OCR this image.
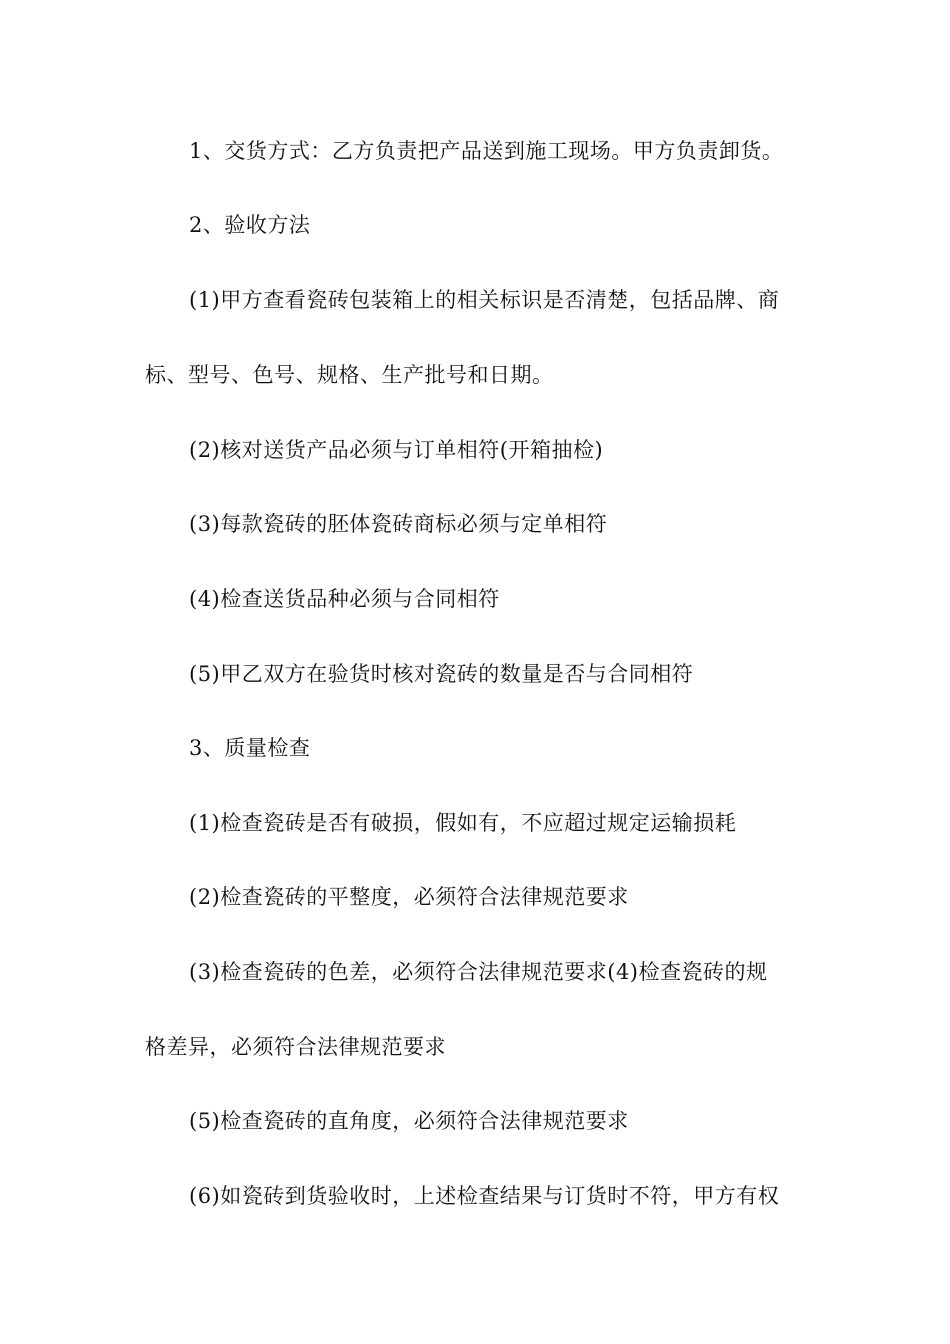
1、交货方式：乙方负责把产品送到施工现场。甲方负责卸货。
2、验收方法
(1)甲方查看瓷砖包装箱上的相关标识是否清楚，包括品牌、商
标、型号、色号、规格、生产批号和日期。
(2)核对送货产品必须与订单相符(开箱抽检)
(3)每款瓷砖的胚体瓷砖商标必须与定单相符
(4)检查送货品种必须与合同相符
(5)甲乙双方在验货时核对瓷砖的数量是否与合同相符
3、质量检查
(1)检查瓷砖是否有破损，假如有，不应超过规定运输损耗
(2)检查瓷砖的平整度，必须符合法律规范要求
(3)检查瓷砖的色差，必须符合法律规范要求(4)检查瓷砖的规
格差异，必须符合法律规范要求
(5)检查瓷砖的直角度，必须符合法律规范要求
(6)如瓷砖到货验收时，上述检查结果与订货时不符，甲方有权
